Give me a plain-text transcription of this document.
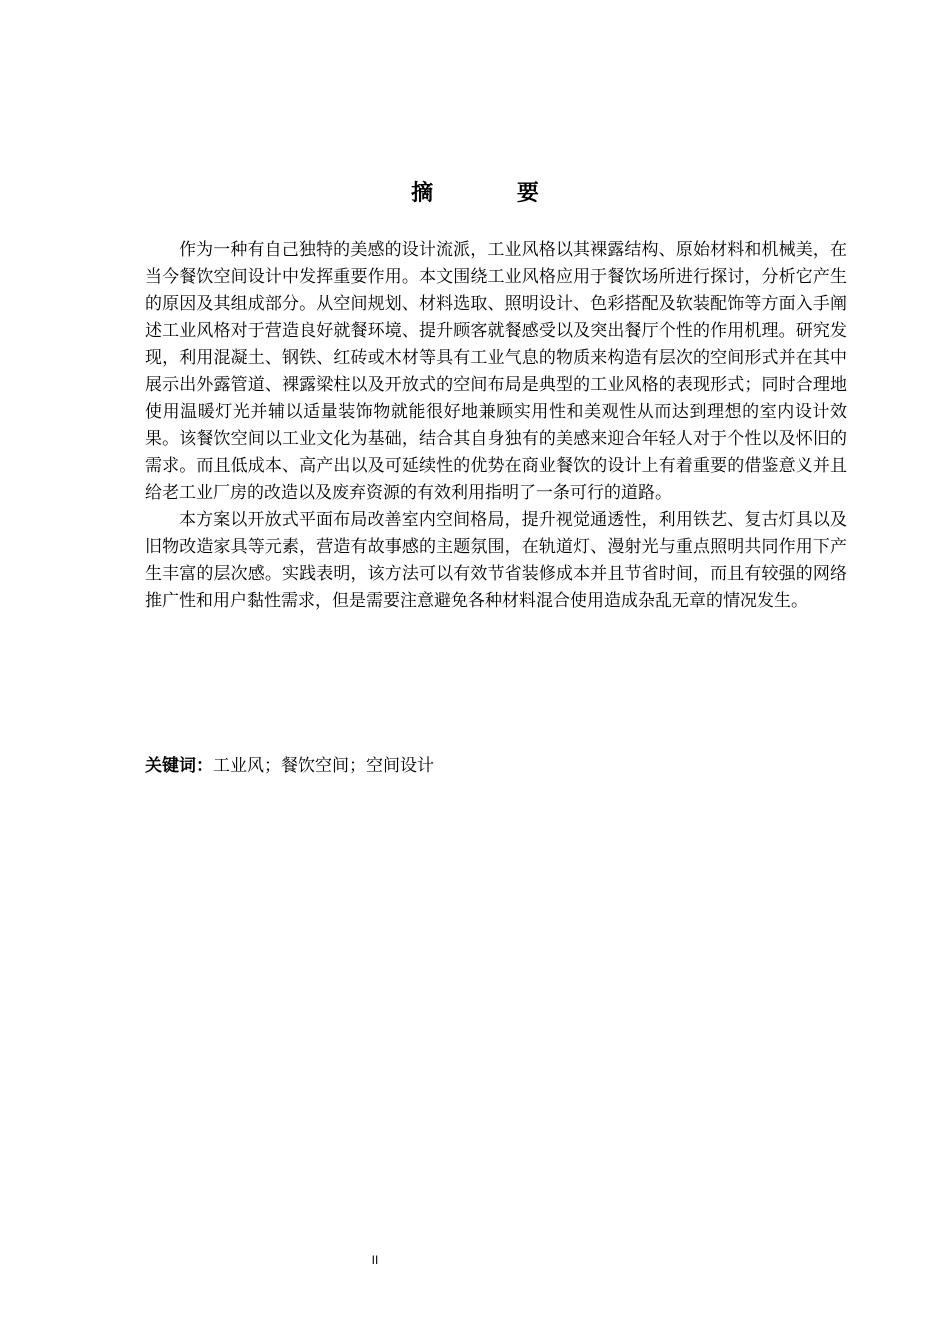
摘 要

作为一种有自己独特的美感的设计流派，工业风格以其裸露结构、原始材料和机械美，在当今餐饮空间设计中发挥重要作用。本文围绕工业风格应用于餐饮场所进行探讨，分析它产生的原因及其组成部分。从空间规划、材料选取、照明设计、色彩搭配及软装配饰等方面入手阐述工业风格对于营造良好就餐环境、提升顾客就餐感受以及突出餐厅个性的作用机理。研究发现，利用混凝土、钢铁、红砖或木材等具有工业气息的物质来构造有层次的空间形式并在其中展示出外露管道、裸露梁柱以及开放式的空间布局是典型的工业风格的表现形式；同时合理地使用温暖灯光并辅以适量装饰物就能很好地兼顾实用性和美观性从而达到理想的室内设计效果。该餐饮空间以工业文化为基础，结合其自身独有的美感来迎合年轻人对于个性以及怀旧的需求。而且低成本、高产出以及可延续性的优势在商业餐饮的设计上有着重要的借鉴意义并且给老工业厂房的改造以及废弃资源的有效利用指明了一条可行的道路。

本方案以开放式平面布局改善室内空间格局，提升视觉通透性，利用铁艺、复古灯具以及旧物改造家具等元素，营造有故事感的主题氛围，在轨道灯、漫射光与重点照明共同作用下产生丰富的层次感。实践表明，该方法可以有效节省装修成本并且节省时间，而且有较强的网络推广性和用户黏性需求，但是需要注意避免各种材料混合使用造成杂乱无章的情况发生。

关键词：工业风；餐饮空间；空间设计
II
